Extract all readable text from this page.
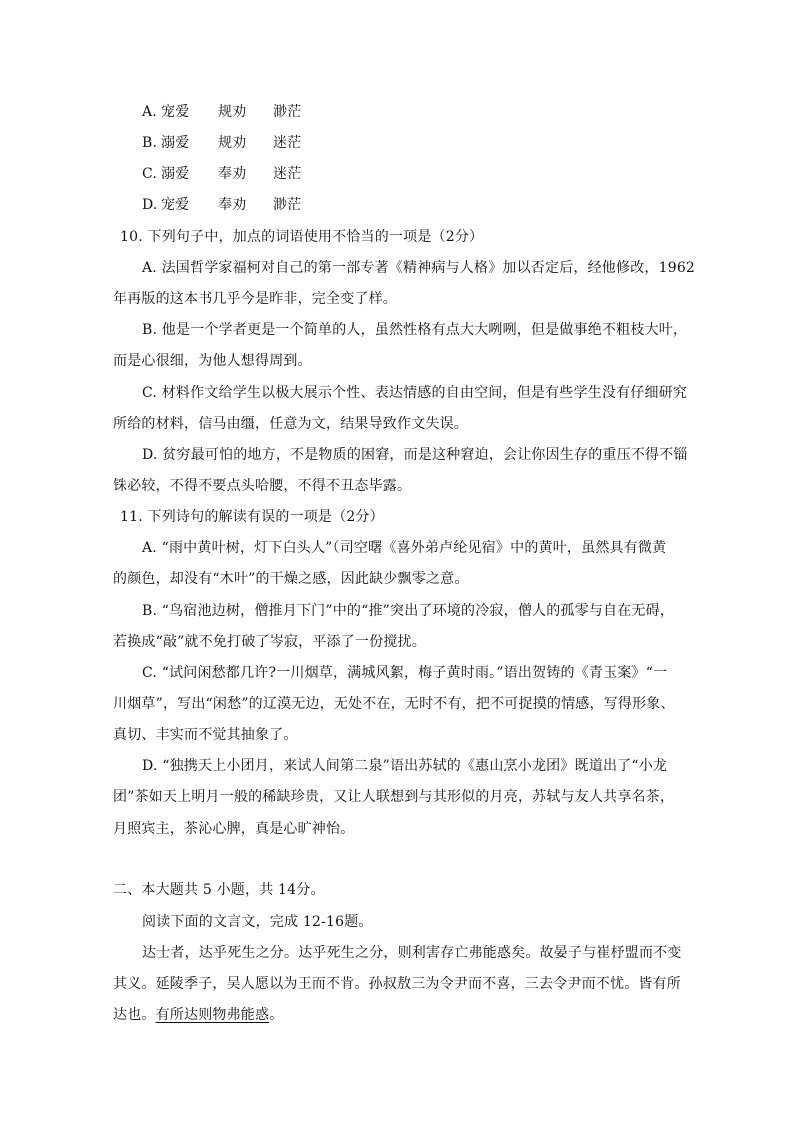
A. 宠爱 规劝 渺茫
B. 溺爱 规劝 迷茫
C. 溺爱 奉劝 迷茫
D. 宠爱 奉劝 渺茫
10. 下列句子中，加点的词语使用不恰当的一项是（2分）
A. 法国哲学家福柯对自己的第一部专著《精神病与人格》加以否定后，经他修改，1962
年再版的这本书几乎今是昨非，完全变了样。
B. 他是一个学者更是一个简单的人，虽然性格有点大大咧咧，但是做事绝不粗枝大叶，
而是心很细，为他人想得周到。
C. 材料作文给学生以极大展示个性、表达情感的自由空间，但是有些学生没有仔细研究
所给的材料，信马由缰，任意为文，结果导致作文失误。
D. 贫穷最可怕的地方，不是物质的困窘，而是这种窘迫，会让你因生存的重压不得不锱
铢必较，不得不要点头哈腰，不得不丑态毕露。
11. 下列诗句的解读有误的一项是（2分）
A. “雨中黄叶树，灯下白头人”（司空曙《喜外弟卢纶见宿》中的黄叶，虽然具有微黄
的颜色，却没有“木叶”的干燥之感，因此缺少飘零之意。
B. “鸟宿池边树，僧推月下门”中的“推”突出了环境的冷寂，僧人的孤零与自在无碍，
若换成“敲”就不免打破了岑寂，平添了一份搅扰。
C. “试问闲愁都几许?一川烟草，满城风絮，梅子黄时雨。”语出贺铸的《青玉案》“一
川烟草”，写出“闲愁”的辽漠无边，无处不在，无时不有，把不可捉摸的情感，写得形象、
真切、丰实而不觉其抽象了。
D. “独携天上小团月，来试人间第二泉”语出苏轼的《惠山烹小龙团》既道出了“小龙
团”茶如天上明月一般的稀缺珍贵，又让人联想到与其形似的月亮，苏轼与友人共享名茶，
月照宾主，茶沁心脾，真是心旷神怡。
二、本大题共 5 小题，共 14分。
阅读下面的文言文，完成 12-16题。
达士者，达乎死生之分。达乎死生之分，则利害存亡弗能惑矣。故晏子与崔杼盟而不变
其义。延陵季子，吴人愿以为王而不肯。孙叔敖三为令尹而不喜，三去令尹而不忧。皆有所
达也。有所达则物弗能惑。
